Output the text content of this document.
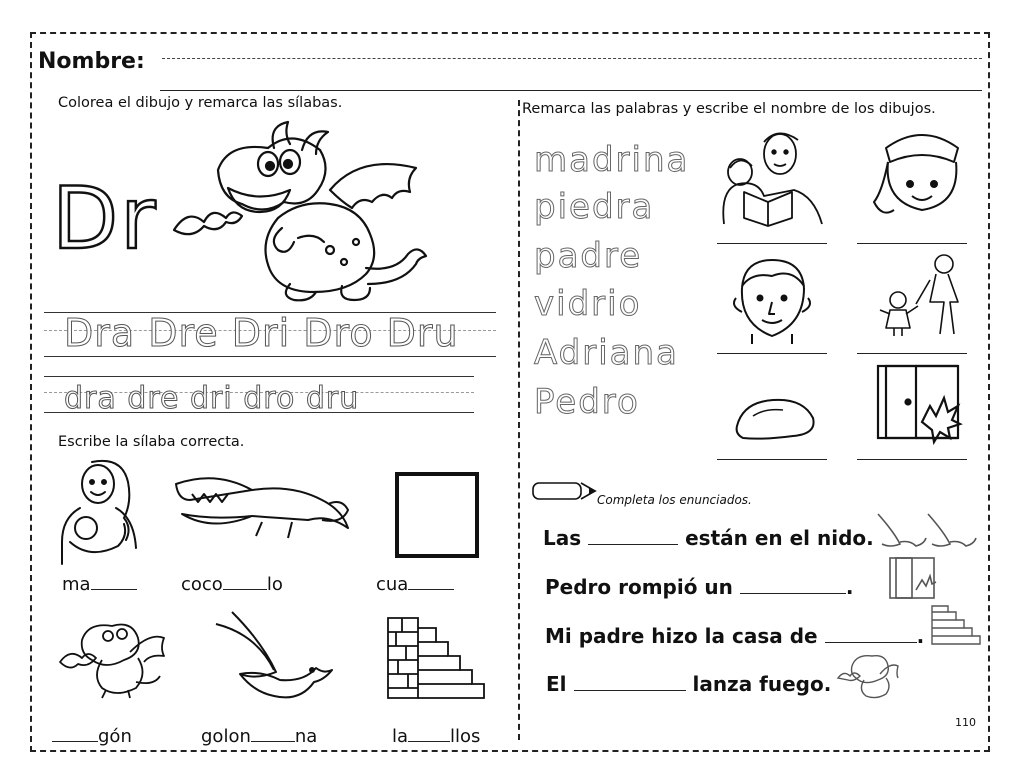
Nombre:
Colorea el dibujo y remarca las sílabas.
Dr
Dra Dre Dri Dro Dru
dra dre dri dro dru
Escribe la sílaba correcta.
ma	coco lo	cua
gón	golon na	la llos
Remarca las palabras y escribe el nombre de los dibujos.
madrina
piedra
padre
vidrio
Adriana
Pedro
Completa los enunciados.
Las	están en el nido.
Pedro rompió un	.
Mi padre hizo la casa de	.
El	lanza fuego.
110
